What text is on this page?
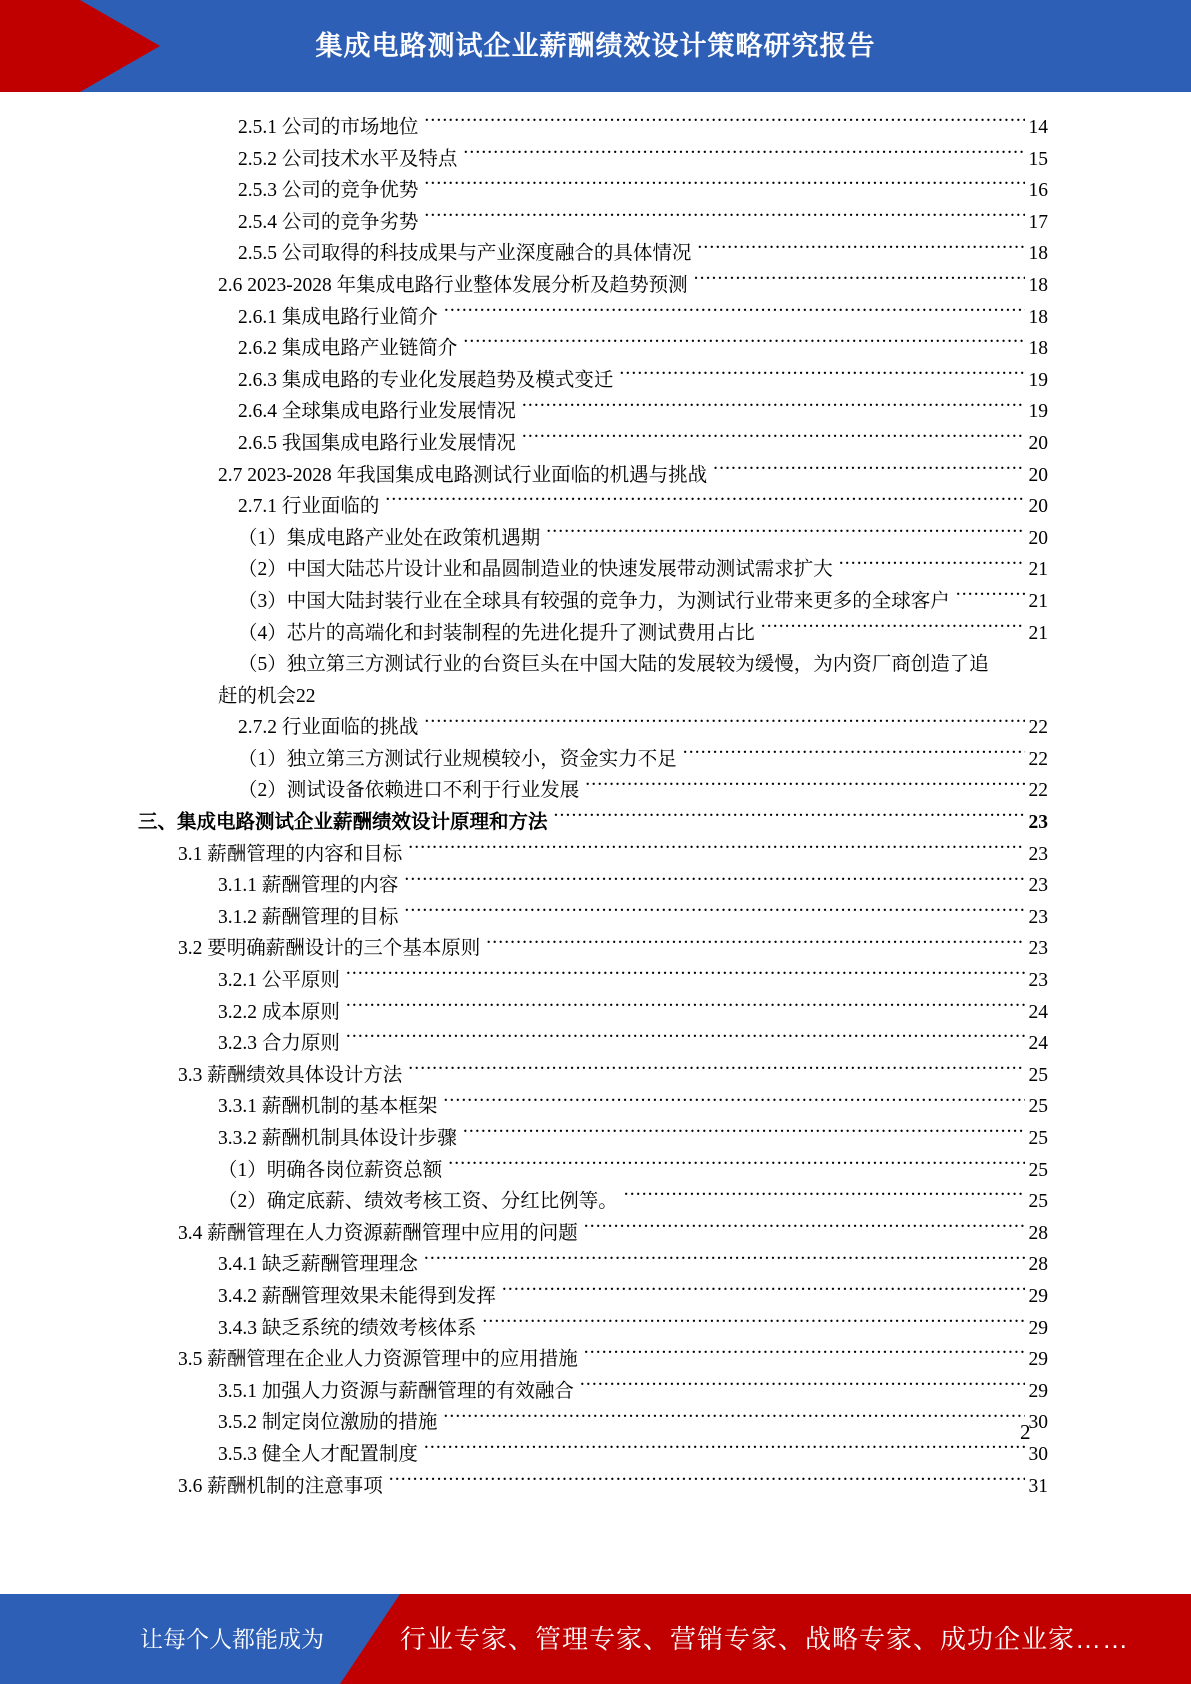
集成电路测试企业薪酬绩效设计策略研究报告
2.5.1 公司的市场地位 .....	14
2.5.2 公司技术水平及特点 .....	15
2.5.3 公司的竞争优势 .....	16
2.5.4 公司的竞争劣势 .....	17
2.5.5 公司取得的科技成果与产业深度融合的具体情况 .....	18
2.6 2023-2028 年集成电路行业整体发展分析及趋势预测 .....	18
2.6.1 集成电路行业简介 .....	18
2.6.2 集成电路产业链简介 .....	18
2.6.3 集成电路的专业化发展趋势及模式变迁 .....	19
2.6.4 全球集成电路行业发展情况 .....	19
2.6.5 我国集成电路行业发展情况 .....	20
2.7 2023-2028 年我国集成电路测试行业面临的机遇与挑战 .....	20
2.7.1 行业面临的 .....	20
（1）集成电路产业处在政策机遇期 .....	20
（2）中国大陆芯片设计业和晶圆制造业的快速发展带动测试需求扩大 .....	21
（3）中国大陆封装行业在全球具有较强的竞争力，为测试行业带来更多的全球客户 .....	21
（4）芯片的高端化和封装制程的先进化提升了测试费用占比 .....	21
（5）独立第三方测试行业的台资巨头在中国大陆的发展较为缓慢，为内资厂商创造了追
赶的机会 22
2.7.2 行业面临的挑战 .....	22
（1）独立第三方测试行业规模较小，资金实力不足 .....	22
（2）测试设备依赖进口不利于行业发展 .....	22
三、集成电路测试企业薪酬绩效设计原理和方法 .....	23
3.1 薪酬管理的内容和目标 .....	23
3.1.1 薪酬管理的内容 .....	23
3.1.2 薪酬管理的目标 .....	23
3.2 要明确薪酬设计的三个基本原则 .....	23
3.2.1 公平原则 .....	23
3.2.2 成本原则 .....	24
3.2.3 合力原则 .....	24
3.3 薪酬绩效具体设计方法 .....	25
3.3.1 薪酬机制的基本框架 .....	25
3.3.2 薪酬机制具体设计步骤 .....	25
（1）明确各岗位薪资总额 .....	25
（2）确定底薪、绩效考核工资、分红比例等。 .....	25
3.4 薪酬管理在人力资源薪酬管理中应用的问题 .....	28
3.4.1 缺乏薪酬管理理念 .....	28
3.4.2 薪酬管理效果未能得到发挥 .....	29
3.4.3 缺乏系统的绩效考核体系 .....	29
3.5 薪酬管理在企业人力资源管理中的应用措施 .....	29
3.5.1 加强人力资源与薪酬管理的有效融合 .....	29
3.5.2 制定岗位激励的措施 .....	30
3.5.3 健全人才配置制度 .....	30
3.6 薪酬机制的注意事项 .....	31
2
让每个人都能成为	行业专家、管理专家、营销专家、战略专家、成功企业家……
